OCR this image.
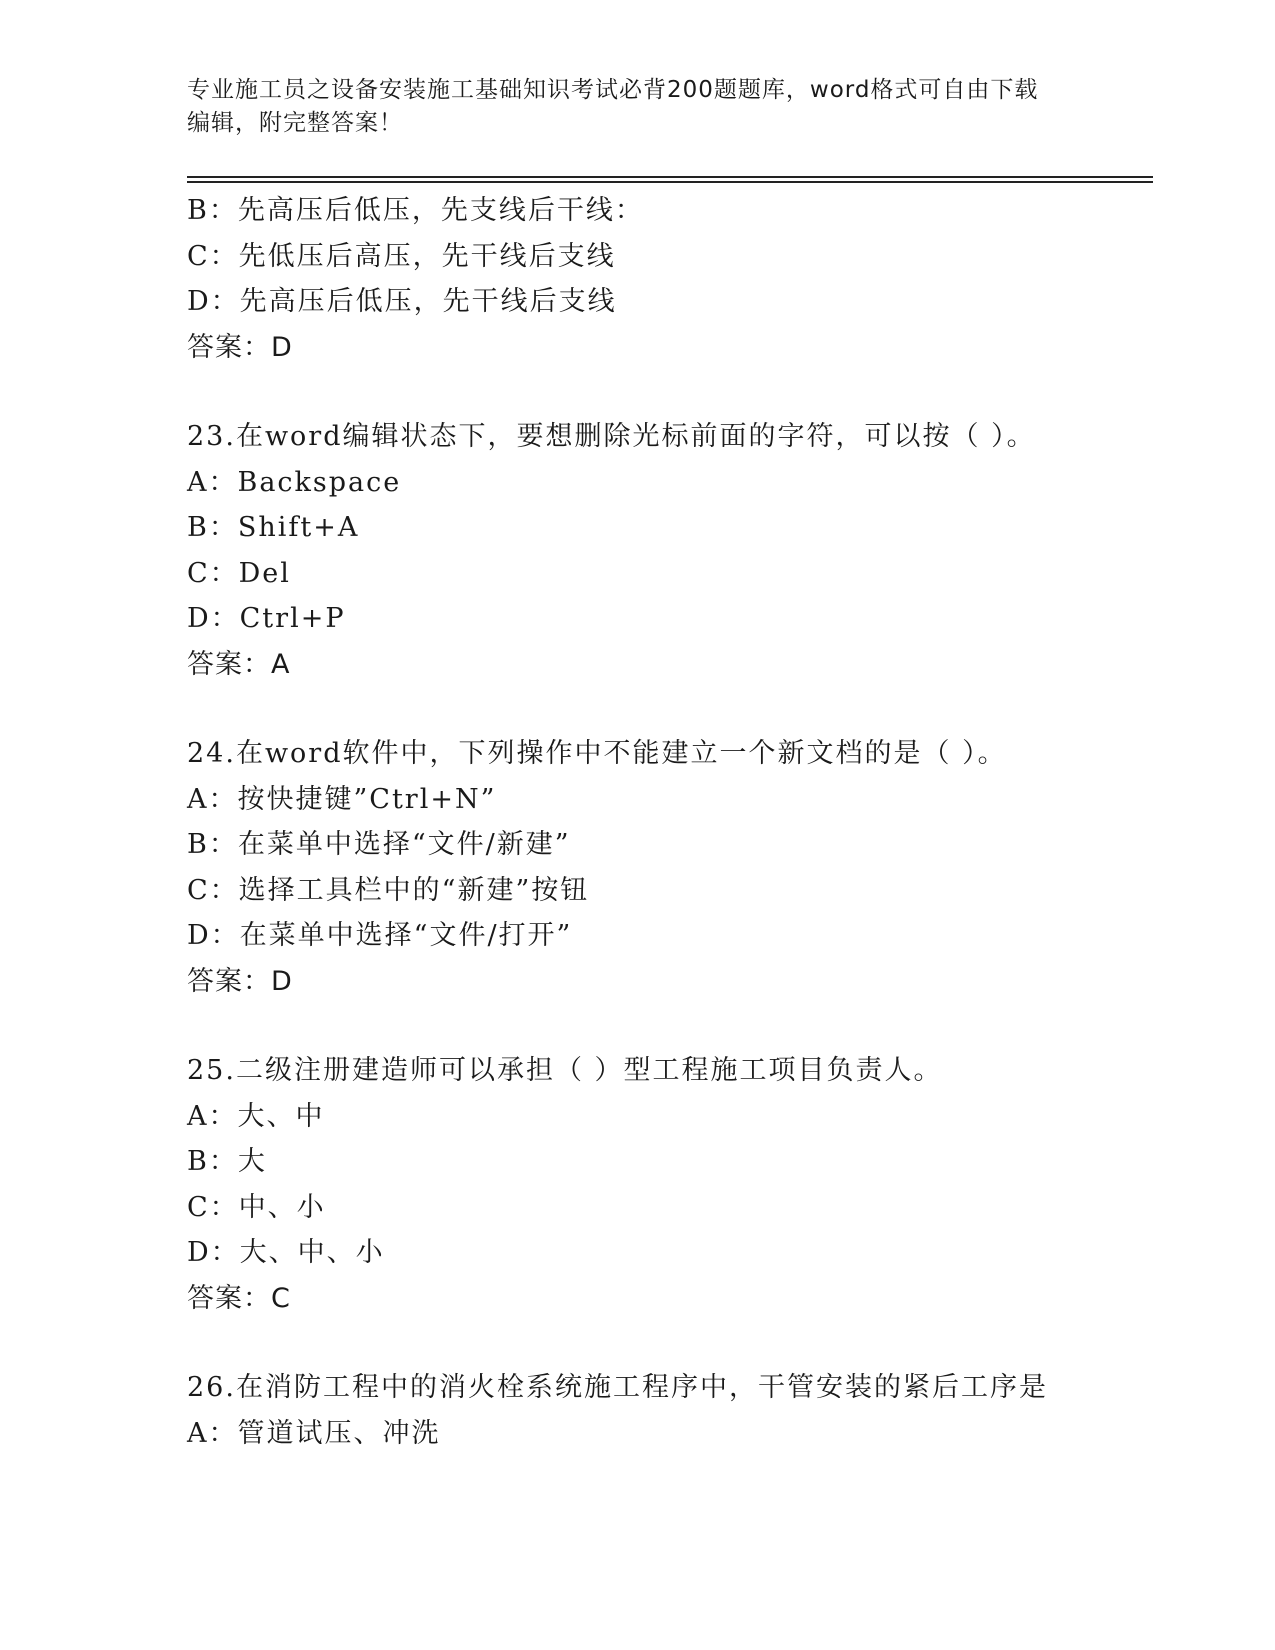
专业施工员之设备安装施工基础知识考试必背200题题库，word格式可自由下载
编辑，附完整答案！
B：先高压后低压，先支线后干线：
C：先低压后高压，先干线后支线
D：先高压后低压，先干线后支线
答案：D
23.在word编辑状态下，要想删除光标前面的字符，可以按（ ）。
A：Backspace
B：Shift+A
C：Del
D：Ctrl+P
答案：A
24.在word软件中，下列操作中不能建立一个新文档的是（ ）。
A：按快捷键”Ctrl+N”
B：在菜单中选择“文件/新建”
C：选择工具栏中的“新建”按钮
D：在菜单中选择“文件/打开”
答案：D
25.二级注册建造师可以承担（ ）型工程施工项目负责人。
A：大、中
B：大
C：中、小
D：大、中、小
答案：C
26.在消防工程中的消火栓系统施工程序中，干管安装的紧后工序是
A：管道试压、冲洗
